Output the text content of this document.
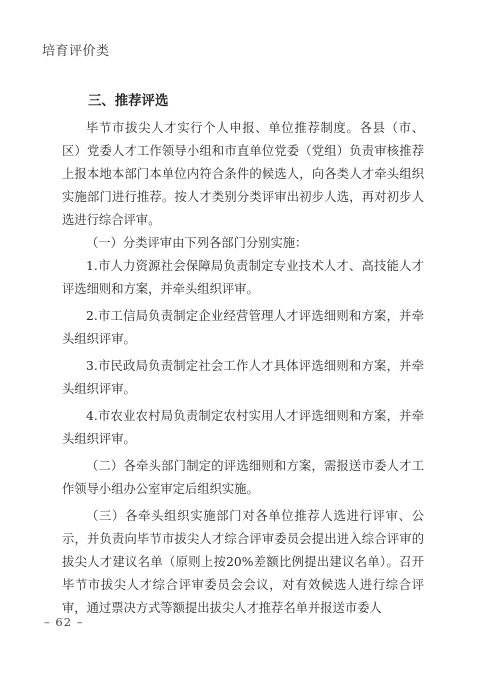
培育评价类

三、推荐评选

毕节市拔尖人才实行个人申报、单位推荐制度。各县（市、区）党委人才工作领导小组和市直单位党委（党组）负责审核推荐上报本地本部门本单位内符合条件的候选人，向各类人才牵头组织实施部门进行推荐。按人才类别分类评审出初步人选，再对初步人选进行综合评审。

（一）分类评审由下列各部门分别实施：

1.市人力资源社会保障局负责制定专业技术人才、高技能人才评选细则和方案，并牵头组织评审。

2.市工信局负责制定企业经营管理人才评选细则和方案，并牵头组织评审。

3.市民政局负责制定社会工作人才具体评选细则和方案，并牵头组织评审。

4.市农业农村局负责制定农村实用人才评选细则和方案，并牵头组织评审。

（二）各牵头部门制定的评选细则和方案，需报送市委人才工作领导小组办公室审定后组织实施。

（三）各牵头组织实施部门对各单位推荐人选进行评审、公示，并负责向毕节市拔尖人才综合评审委员会提出进入综合评审的拔尖人才建议名单（原则上按20%差额比例提出建议名单）。召开毕节市拔尖人才综合评审委员会会议，对有效候选人进行综合评审，通过票决方式等额提出拔尖人才推荐名单并报送市委人

– 62 –
